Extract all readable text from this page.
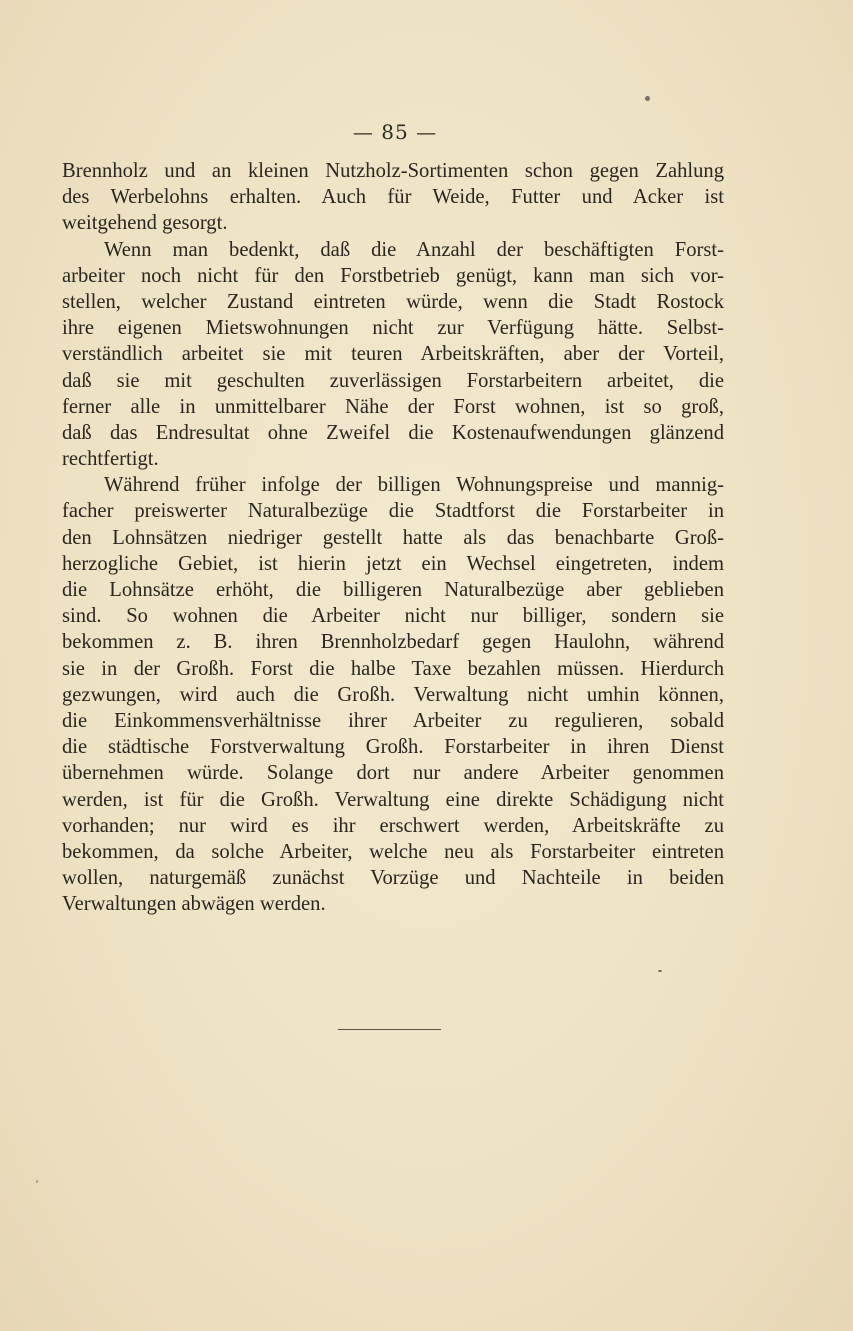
— 85 —
Brennholz und an kleinen Nutzholz-Sortimenten schon gegen Zahlung
des Werbelohns erhalten. Auch für Weide, Futter und Acker ist
weitgehend gesorgt.
Wenn man bedenkt, daß die Anzahl der beschäftigten Forst-
arbeiter noch nicht für den Forstbetrieb genügt, kann man sich vor-
stellen, welcher Zustand eintreten würde, wenn die Stadt Rostock
ihre eigenen Mietswohnungen nicht zur Verfügung hätte. Selbst-
verständlich arbeitet sie mit teuren Arbeitskräften, aber der Vorteil,
daß sie mit geschulten zuverlässigen Forstarbeitern arbeitet, die
ferner alle in unmittelbarer Nähe der Forst wohnen, ist so groß,
daß das Endresultat ohne Zweifel die Kostenaufwendungen glänzend
rechtfertigt.
Während früher infolge der billigen Wohnungspreise und mannig-
facher preiswerter Naturalbezüge die Stadtforst die Forstarbeiter in
den Lohnsätzen niedriger gestellt hatte als das benachbarte Groß-
herzogliche Gebiet, ist hierin jetzt ein Wechsel eingetreten, indem
die Lohnsätze erhöht, die billigeren Naturalbezüge aber geblieben
sind. So wohnen die Arbeiter nicht nur billiger, sondern sie
bekommen z. B. ihren Brennholzbedarf gegen Haulohn, während
sie in der Großh. Forst die halbe Taxe bezahlen müssen. Hierdurch
gezwungen, wird auch die Großh. Verwaltung nicht umhin können,
die Einkommensverhältnisse ihrer Arbeiter zu regulieren, sobald
die städtische Forstverwaltung Großh. Forstarbeiter in ihren Dienst
übernehmen würde. Solange dort nur andere Arbeiter genommen
werden, ist für die Großh. Verwaltung eine direkte Schädigung nicht
vorhanden; nur wird es ihr erschwert werden, Arbeitskräfte zu
bekommen, da solche Arbeiter, welche neu als Forstarbeiter eintreten
wollen, naturgemäß zunächst Vorzüge und Nachteile in beiden
Verwaltungen abwägen werden.
